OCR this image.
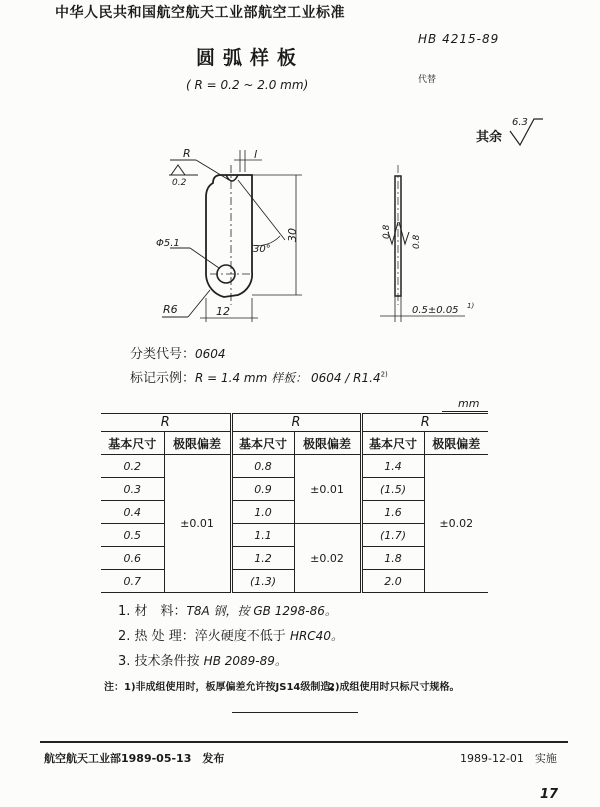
中华人民共和国航空航天工业部航空工业标准
HB 4215-89
代替
圆弧样板
( R = 0.2 ~ 2.0 mm)
其余
6.3
R
0.2
l
Φ5.1
30°
30
R6	12
0.8
0.8
0.5±0.05 1)
分类代号：0604
标记示例：R = 1.4 mm 样板： 0604 / R1.4$^{2)}$
mm
R		R		R	
基本尺寸	极限偏差	基本尺寸	极限偏差	基本尺寸	极限偏差
0.2	±0.01	0.8	±0.01	1.4	±0.02
0.3		0.9		(1.5)	
0.4		1.0		1.6	
0.5		1.1	±0.02	(1.7)	
0.6		1.2		1.8	
0.7		(1.3)		2.0	
1. 材　料：T8A 钢，按 GB 1298-86。
2. 热 处 理：淬火硬度不低于 HRC40。
3. 技术条件按 HB 2089-89。
注：1)非成组使用时，板厚偏差允许按JS14级制造。
2)成组使用时只标尺寸规格。
航空航天工业部1989-05-13　发布	1989-12-01　实施
17
